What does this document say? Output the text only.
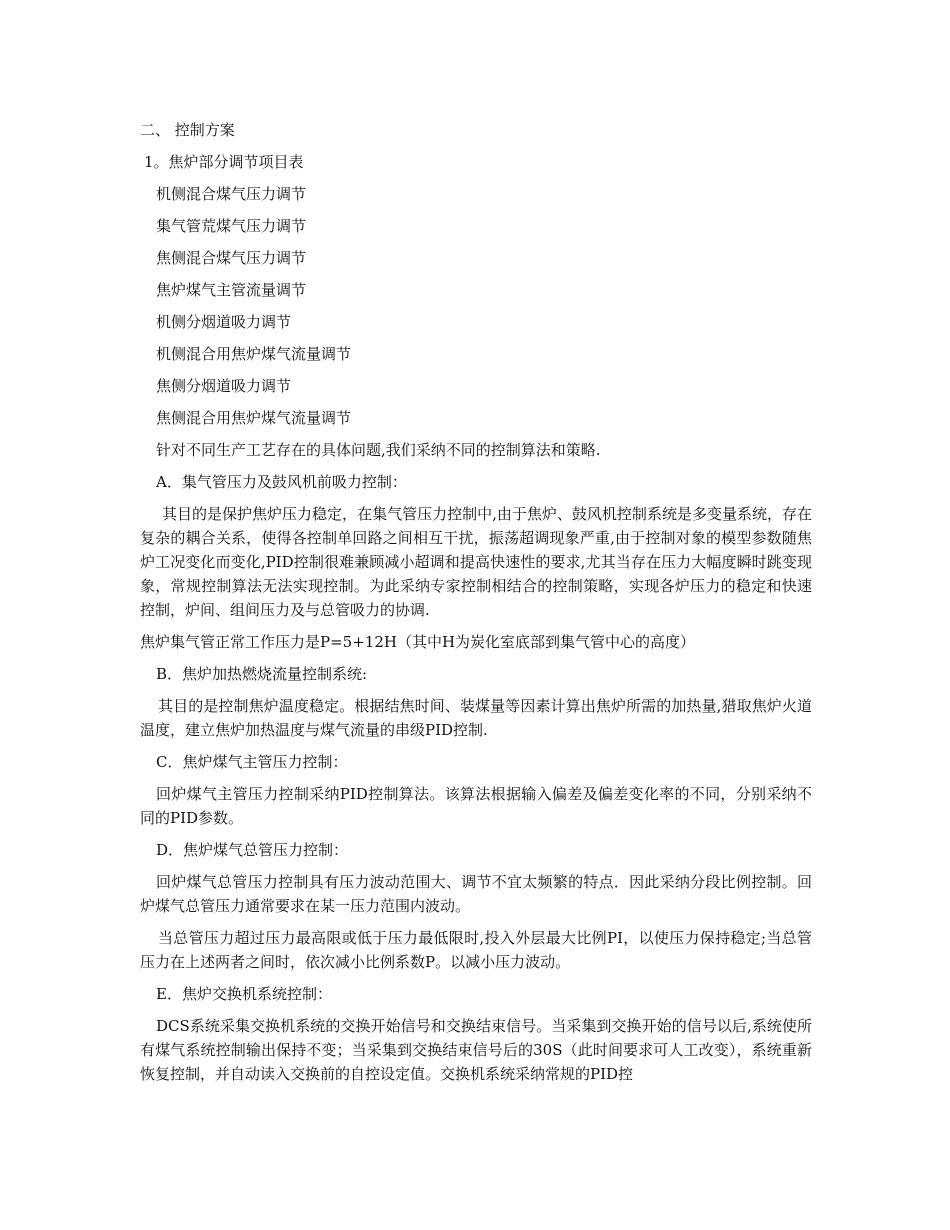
二、 控制方案

1。焦炉部分调节项目表

机侧混合煤气压力调节

集气管荒煤气压力调节

焦侧混合煤气压力调节

焦炉煤气主管流量调节

机侧分烟道吸力调节

机侧混合用焦炉煤气流量调节

焦侧分烟道吸力调节

焦侧混合用焦炉煤气流量调节

针对不同生产工艺存在的具体问题,我们采纳不同的控制算法和策略.

A．集气管压力及鼓风机前吸力控制：

其目的是保护焦炉压力稳定，在集气管压力控制中,由于焦炉、鼓风机控制系统是多变量系统，存在复杂的耦合关系，使得各控制单回路之间相互干扰，振荡超调现象严重,由于控制对象的模型参数随焦炉工况变化而变化,PID控制很难兼顾减小超调和提高快速性的要求,尤其当存在压力大幅度瞬时跳变现象，常规控制算法无法实现控制。为此采纳专家控制相结合的控制策略，实现各炉压力的稳定和快速控制，炉间、组间压力及与总管吸力的协调.

焦炉集气管正常工作压力是P=5+12H（其中H为炭化室底部到集气管中心的高度）

B．焦炉加热燃烧流量控制系统:

其目的是控制焦炉温度稳定。根据结焦时间、装煤量等因素计算出焦炉所需的加热量,猎取焦炉火道温度，建立焦炉加热温度与煤气流量的串级PID控制.

C．焦炉煤气主管压力控制：

回炉煤气主管压力控制采纳PID控制算法。该算法根据输入偏差及偏差变化率的不同，分别采纳不同的PID参数。

D．焦炉煤气总管压力控制：

回炉煤气总管压力控制具有压力波动范围大、调节不宜太频繁的特点．因此采纳分段比例控制。回炉煤气总管压力通常要求在某一压力范围内波动。

当总管压力超过压力最高限或低于压力最低限时,投入外层最大比例PI，以使压力保持稳定;当总管压力在上述两者之间时，依次减小比例系数P。以减小压力波动。

E．焦炉交换机系统控制：

DCS系统采集交换机系统的交换开始信号和交换结束信号。当采集到交换开始的信号以后,系统使所有煤气系统控制输出保持不变；当采集到交换结束信号后的30S（此时间要求可人工改变），系统重新恢复控制，并自动读入交换前的自控设定值。交换机系统采纳常规的PID控
